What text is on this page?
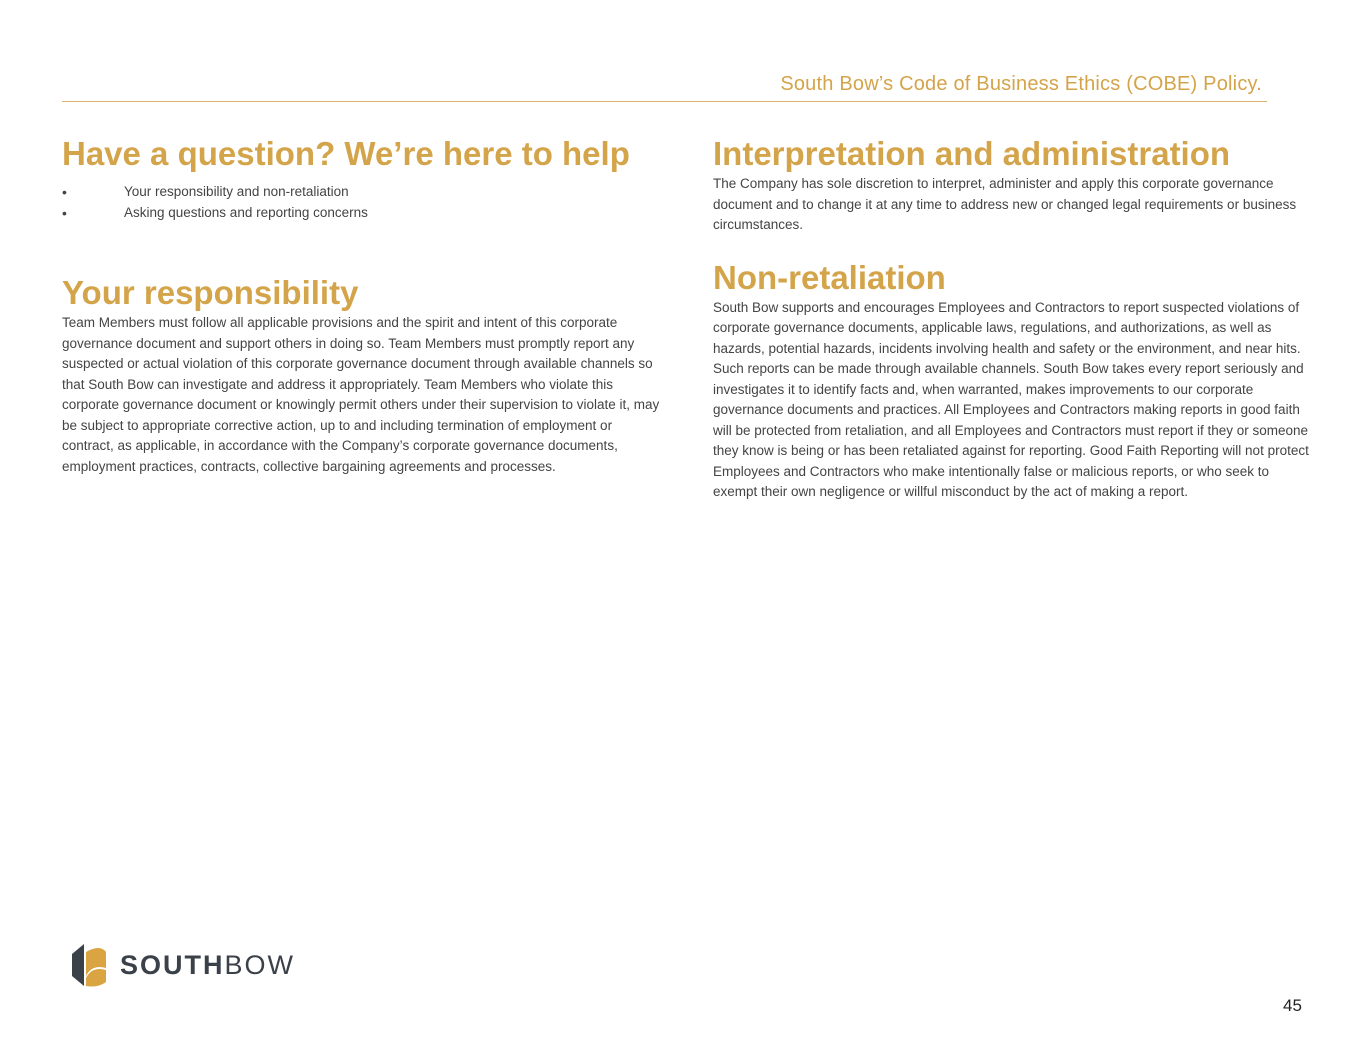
South Bow’s Code of Business Ethics (COBE) Policy.
Have a question? We’re here to help
•	Your responsibility and non-retaliation
•	Asking questions and reporting concerns
Your responsibility

Team Members must follow all applicable provisions and the spirit and intent of this corporate governance document and support others in doing so. Team Members must promptly report any suspected or actual violation of this corporate governance document through available channels so that South Bow can investigate and address it appropriately. Team Members who violate this corporate governance document or knowingly permit others under their supervision to violate it, may be subject to appropriate corrective action, up to and including termination of employment or contract, as applicable, in accordance with the Company’s corporate governance documents, employment practices, contracts, collective bargaining agreements and processes.

Interpretation and administration

The Company has sole discretion to interpret, administer and apply this corporate governance document and to change it at any time to address new or changed legal requirements or business circumstances.

Non-retaliation

South Bow supports and encourages Employees and Contractors to report suspected violations of corporate governance documents, applicable laws, regulations, and authorizations, as well as hazards, potential hazards, incidents involving health and safety or the environment, and near hits. Such reports can be made through available channels. South Bow takes every report seriously and investigates it to identify facts and, when warranted, makes improvements to our corporate governance documents and practices. All Employees and Contractors making reports in good faith will be protected from retaliation, and all Employees and Contractors must report if they or someone they know is being or has been retaliated against for reporting. Good Faith Reporting will not protect Employees and Contractors who make intentionally false or malicious reports, or who seek to exempt their own negligence or willful misconduct by the act of making a report.

SOUTHBOW
45
